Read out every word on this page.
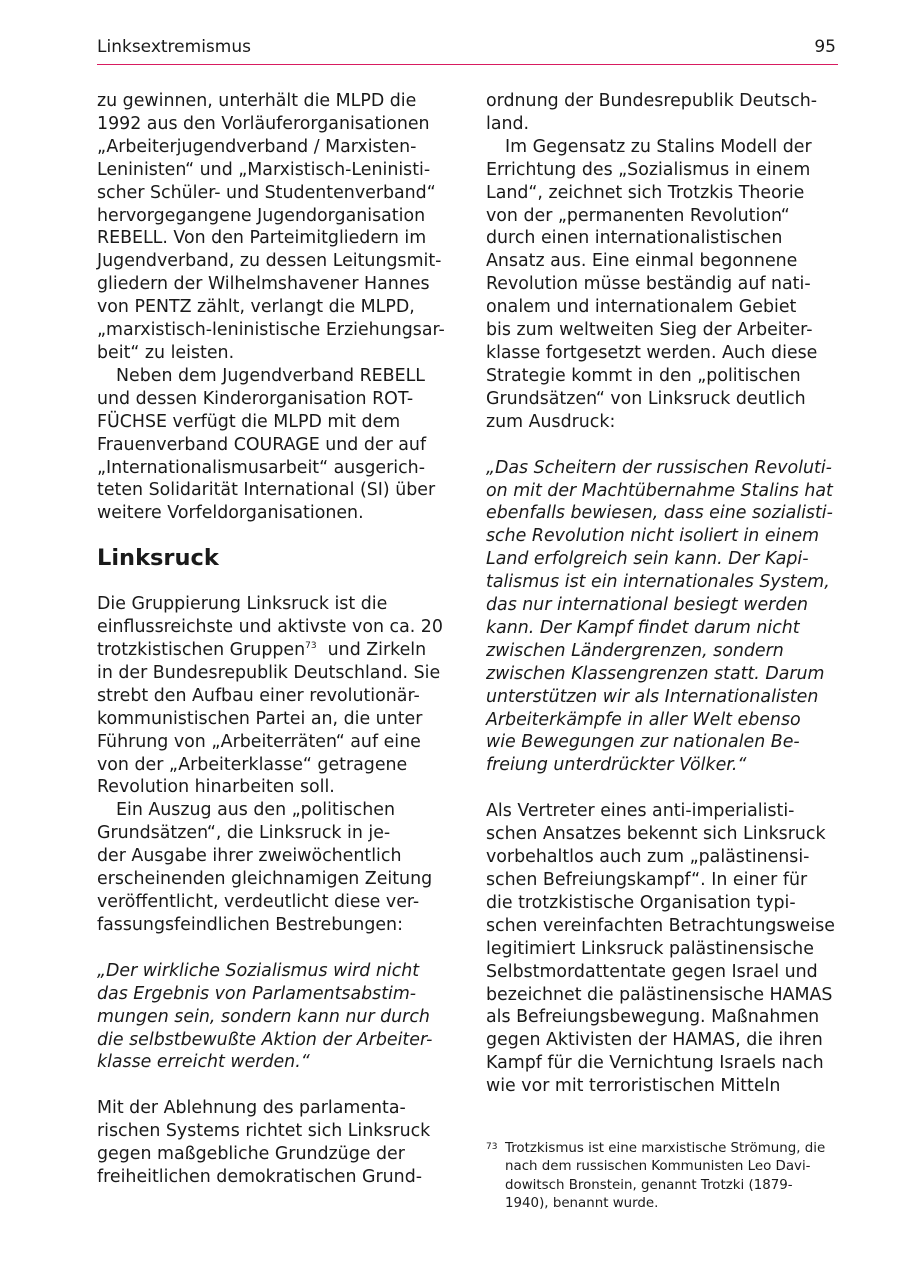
Linksextremismus	95

zu gewinnen, unterhält die MLPD die
1992 aus den Vorläuferorganisationen
„Arbeiterjugendverband / Marxisten-
Leninisten“ und „Marxistisch-Leninisti-
scher Schüler- und Studentenverband“
hervorgegangene Jugendorganisation
REBELL. Von den Parteimitgliedern im
Jugendverband, zu dessen Leitungsmit-
gliedern der Wilhelmshavener Hannes
von PENTZ zählt, verlangt die MLPD,
„marxistisch-leninistische Erziehungsar-
beit“ zu leisten.

Neben dem Jugendverband REBELL
und dessen Kinderorganisation ROT-
FÜCHSE verfügt die MLPD mit dem
Frauenverband COURAGE und der auf
„Internationalismusarbeit“ ausgerich-
teten Solidarität International (SI) über
weitere Vorfeldorganisationen.

Linksruck

Die Gruppierung Linksruck ist die
einflussreichste und aktivste von ca. 20
trotzkistischen Gruppen$^{73}$  und Zirkeln
in der Bundesrepublik Deutschland. Sie
strebt den Aufbau einer revolutionär-
kommunistischen Partei an, die unter
Führung von „Arbeiterräten“ auf eine
von der „Arbeiterklasse“ getragene
Revolution hinarbeiten soll.

Ein Auszug aus den „politischen
Grundsätzen“, die Linksruck in je-
der Ausgabe ihrer zweiwöchentlich
erscheinenden gleichnamigen Zeitung
veröffentlicht, verdeutlicht diese ver-
fassungsfeindlichen Bestrebungen:

„Der wirkliche Sozialismus wird nicht
das Ergebnis von Parlamentsabstim-
mungen sein, sondern kann nur durch
die selbstbewußte Aktion der Arbeiter-
klasse erreicht werden.“

Mit der Ablehnung des parlamenta-
rischen Systems richtet sich Linksruck
gegen maßgebliche Grundzüge der
freiheitlichen demokratischen Grund-

ordnung der Bundesrepublik Deutsch-
land.

Im Gegensatz zu Stalins Modell der
Errichtung des „Sozialismus in einem
Land“, zeichnet sich Trotzkis Theorie
von der „permanenten Revolution“
durch einen internationalistischen
Ansatz aus. Eine einmal begonnene
Revolution müsse beständig auf nati-
onalem und internationalem Gebiet
bis zum weltweiten Sieg der Arbeiter-
klasse fortgesetzt werden. Auch diese
Strategie kommt in den „politischen
Grundsätzen“ von Linksruck deutlich
zum Ausdruck:

„Das Scheitern der russischen Revoluti-
on mit der Machtübernahme Stalins hat
ebenfalls bewiesen, dass eine sozialisti-
sche Revolution nicht isoliert in einem
Land erfolgreich sein kann. Der Kapi-
talismus ist ein internationales System,
das nur international besiegt werden
kann. Der Kampf findet darum nicht
zwischen Ländergrenzen, sondern
zwischen Klassengrenzen statt. Darum
unterstützen wir als Internationalisten
Arbeiterkämpfe in aller Welt ebenso
wie Bewegungen zur nationalen Be-
freiung unterdrückter Völker.“

Als Vertreter eines anti-imperialisti-
schen Ansatzes bekennt sich Linksruck
vorbehaltlos auch zum „palästinensi-
schen Befreiungskampf“. In einer für
die trotzkistische Organisation typi-
schen vereinfachten Betrachtungsweise
legitimiert Linksruck palästinensische
Selbstmordattentate gegen Israel und
bezeichnet die palästinensische HAMAS
als Befreiungsbewegung. Maßnahmen
gegen Aktivisten der HAMAS, die ihren
Kampf für die Vernichtung Israels nach
wie vor mit terroristischen Mitteln

73 Trotzkismus ist eine marxistische Strömung, die
nach dem russischen Kommunisten Leo Davi-
dowitsch Bronstein, genannt Trotzki (1879-
1940), benannt wurde.
